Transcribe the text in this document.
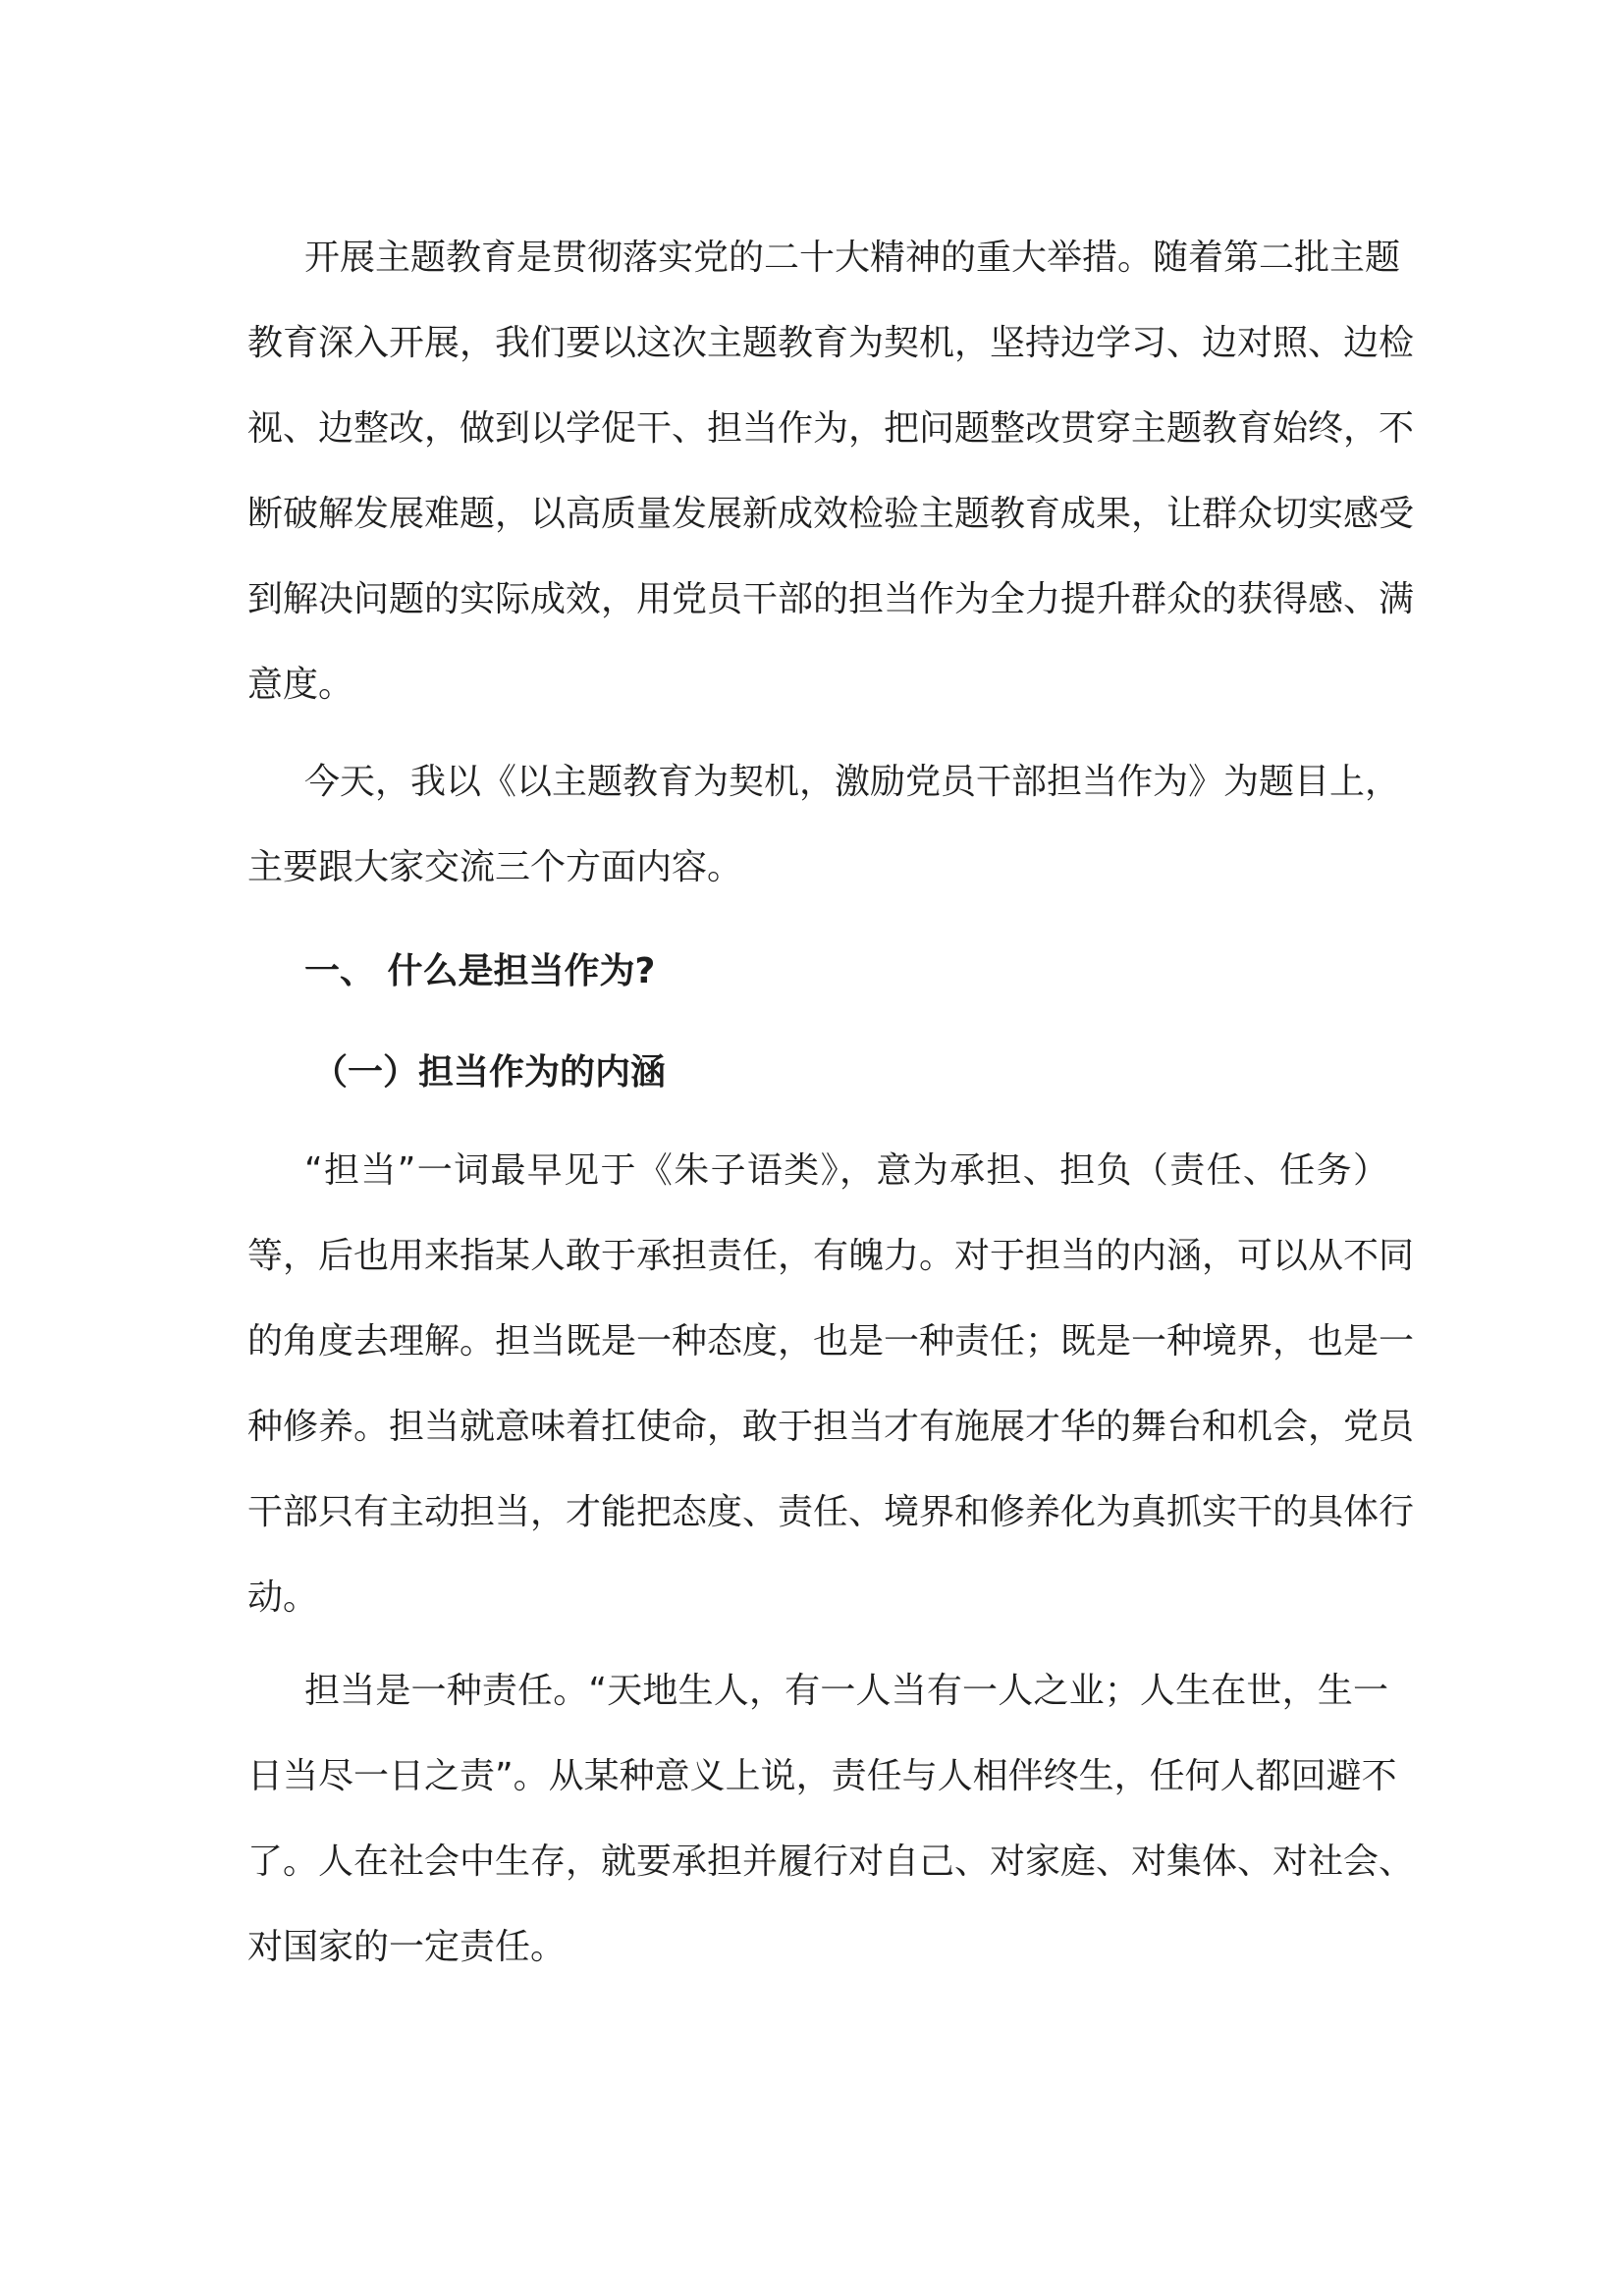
开展主题教育是贯彻落实党的二十大精神的重大举措。随着第二批主题
教育深入开展，我们要以这次主题教育为契机，坚持边学习、边对照、边检
视、边整改，做到以学促干、担当作为，把问题整改贯穿主题教育始终，不
断破解发展难题，以高质量发展新成效检验主题教育成果，让群众切实感受
到解决问题的实际成效，用党员干部的担当作为全力提升群众的获得感、满
意度。
今天，我以《以主题教育为契机，激励党员干部担当作为》为题目上，
主要跟大家交流三个方面内容。
一、 什么是担当作为?
（一）担当作为的内涵
“担当”一词最早见于《朱子语类》，意为承担、担负（责任、任务）
等，后也用来指某人敢于承担责任，有魄力。对于担当的内涵，可以从不同
的角度去理解。担当既是一种态度，也是一种责任；既是一种境界，也是一
种修养。担当就意味着扛使命，敢于担当才有施展才华的舞台和机会，党员
干部只有主动担当，才能把态度、责任、境界和修养化为真抓实干的具体行
动。
担当是一种责任。“天地生人，有一人当有一人之业；人生在世，生一
日当尽一日之责”。从某种意义上说，责任与人相伴终生，任何人都回避不
了。人在社会中生存，就要承担并履行对自己、对家庭、对集体、对社会、
对国家的一定责任。
